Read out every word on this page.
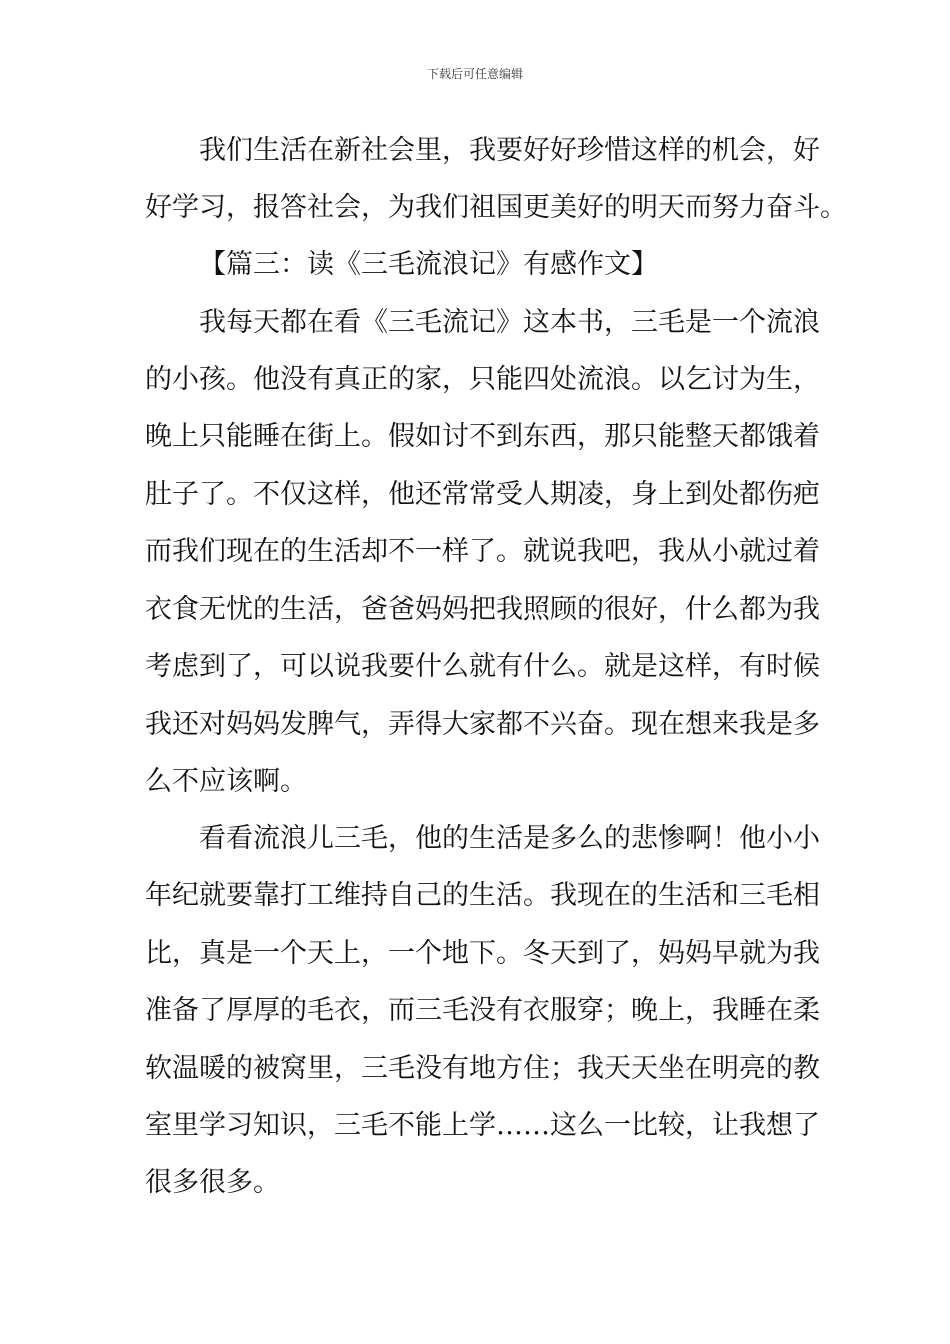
下载后可任意编辑
我们生活在新社会里，我要好好珍惜这样的机会，好
好学习，报答社会，为我们祖国更美好的明天而努力奋斗。
【篇三：读《三毛流浪记》有感作文】
我每天都在看《三毛流记》这本书，三毛是一个流浪
的小孩。他没有真正的家，只能四处流浪。以乞讨为生，
晚上只能睡在街上。假如讨不到东西，那只能整天都饿着
肚子了。不仅这样，他还常常受人期凌，身上到处都伤疤
而我们现在的生活却不一样了。就说我吧，我从小就过着
衣食无忧的生活，爸爸妈妈把我照顾的很好，什么都为我
考虑到了，可以说我要什么就有什么。就是这样，有时候
我还对妈妈发脾气，弄得大家都不兴奋。现在想来我是多
么不应该啊。
看看流浪儿三毛，他的生活是多么的悲惨啊！他小小
年纪就要靠打工维持自己的生活。我现在的生活和三毛相
比，真是一个天上，一个地下。冬天到了，妈妈早就为我
准备了厚厚的毛衣，而三毛没有衣服穿；晚上，我睡在柔
软温暖的被窝里，三毛没有地方住；我天天坐在明亮的教
室里学习知识，三毛不能上学……这么一比较，让我想了
很多很多。
